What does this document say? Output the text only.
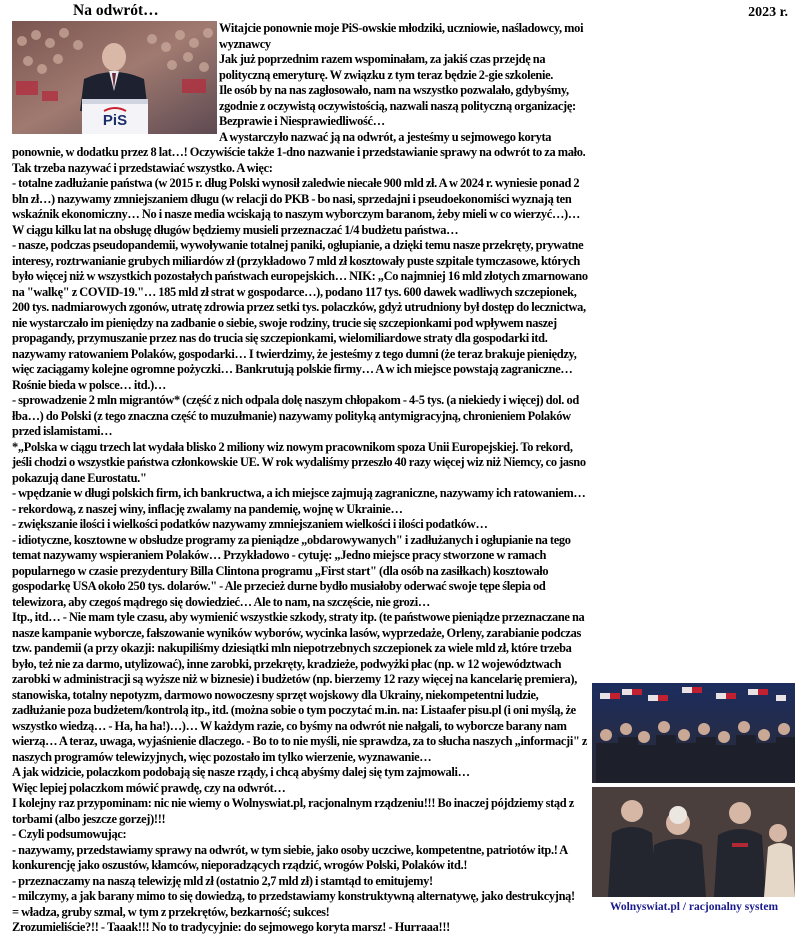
Na odwrót…	2023 r.
PiS

Witajcie ponownie moje PiS-owskie młodziki, uczniowie, naśladowcy, moi wyznawcy

Jak już poprzednim razem wspominałam, za jakiś czas przejdę na polityczną emeryturę. W związku z tym teraz będzie 2-gie szkolenie.

Ile osób by na nas zagłosowało, nam na wszystko pozwalało, gdybyśmy, zgodnie z oczywistą oczywistością, nazwali naszą polityczną organizację: Bezprawie i Niesprawiedliwość…

A wystarczyło nazwać ją na odwrót, a jesteśmy u sejmowego koryta ponownie, w dodatku przez 8 lat…! Oczywiście także 1-dno nazwanie i przedstawianie sprawy na odwrót to za mało. Tak trzeba nazywać i przedstawiać wszystko. A więc:

- totalne zadłużanie państwa (w 2015 r. dług Polski wynosił zaledwie niecałe 900 mld zł. A w 2024 r. wyniesie ponad 2 bln zł…) nazywamy zmniejszaniem długu (w relacji do PKB - bo nasi, sprzedajni i pseudoekonomiści wyznają ten wskaźnik ekonomiczny… No i nasze media wciskają to naszym wyborczym baranom, żeby mieli w co wierzyć…)…

W ciągu kilku lat na obsługę długów będziemy musieli przeznaczać 1/4 budżetu państwa…

- nasze, podczas pseudopandemii, wywoływanie totalnej paniki, ogłupianie, a dzięki temu nasze przekręty, prywatne interesy, roztrwanianie grubych miliardów zł (przykładowo 7 mld zł kosztowały puste szpitale tymczasowe, których było więcej niż w wszystkich pozostałych państwach europejskich… NIK: „Co najmniej 16 mld złotych zmarnowano na "walkę" z COVID-19."… 185 mld zł strat w gospodarce…), podano 117 tys. 600 dawek wadliwych szczepionek, 200 tys. nadmiarowych zgonów, utratę zdrowia przez setki tys. polaczków, gdyż utrudniony był dostęp do lecznictwa, nie wystarczało im pieniędzy na zadbanie o siebie, swoje rodziny, trucie się szczepionkami pod wpływem naszej propagandy, przymuszanie przez nas do trucia się szczepionkami, wielomiliardowe straty dla gospodarki itd. nazywamy ratowaniem Polaków, gospodarki… I twierdzimy, że jesteśmy z tego dumni (że teraz brakuje pieniędzy, więc zaciągamy kolejne ogromne pożyczki… Bankrutują polskie firmy… A w ich miejsce powstają zagraniczne… Rośnie bieda w polsce… itd.)…

- sprowadzenie 2 mln migrantów* (część z nich odpala dolę naszym chłopakom - 4-5 tys. (a niekiedy i więcej) dol. od łba…) do Polski (z tego znaczna część to muzułmanie) nazywamy polityką antymigracyjną, chronieniem Polaków przed islamistami…

*„Polska w ciągu trzech lat wydała blisko 2 miliony wiz nowym pracownikom spoza Unii Europejskiej. To rekord, jeśli chodzi o wszystkie państwa członkowskie UE. W rok wydaliśmy przeszło 40 razy więcej wiz niż Niemcy, co jasno pokazują dane Eurostatu."

- wpędzanie w długi polskich firm, ich bankructwa, a ich miejsce zajmują zagraniczne, nazywamy ich ratowaniem…

- rekordową, z naszej winy, inflację zwalamy na pandemię, wojnę w Ukrainie…

- zwiększanie ilości i wielkości podatków nazywamy zmniejszaniem wielkości i ilości podatków…

- idiotyczne, kosztowne w obsłudze programy za pieniądze „obdarowywanych" i zadłużanych i ogłupianie na tego temat nazywamy wspieraniem Polaków… Przykładowo - cytuję: „Jedno miejsce pracy stworzone w ramach popularnego w czasie prezydentury Billa Clintona programu „First start" (dla osób na zasiłkach) kosztowało gospodarkę USA około 250 tys. dolarów." - Ale przecież durne bydło musiałoby oderwać swoje tępe ślepia od telewizora, aby czegoś mądrego się dowiedzieć… Ale to nam, na szczęście, nie grozi…

Itp., itd… - Nie mam tyle czasu, aby wymienić wszystkie szkody, straty itp. (te państwowe pieniądze przeznaczane na nasze kampanie wyborcze, fałszowanie wyników wyborów, wycinka lasów, wyprzedaże, Orleny, zarabianie podczas tzw. pandemii (a przy okazji: nakupiliśmy dziesiątki mln niepotrzebnych szczepionek za wiele mld zł, które trzeba było, też nie za darmo, utylizować), inne zarobki, przekręty, kradzieże, podwyżki płac (np. w 12 województwach zarobki w administracji są wyższe niż w biznesie) i budżetów (np. bierzemy 12 razy więcej na kancelarię premiera), stanowiska, totalny nepotyzm, darmowo nowoczesny sprzęt wojskowy dla Ukrainy, niekompetentni ludzie, zadłużanie poza budżetem/kontrolą itp., itd. (można sobie o tym poczytać m.in. na: Listaafer pisu.pl (i oni myślą, że wszystko wiedzą… - Ha, ha ha!)…)… W każdym razie, co byśmy na odwrót nie nałgali, to wyborcze barany nam wierzą… A teraz, uwaga, wyjaśnienie dlaczego. - Bo to to nie myśli, nie sprawdza, za to słucha naszych „informacji" z naszych programów telewizyjnych, więc pozostało im tylko wierzenie, wyznawanie…

A jak widzicie, polaczkom podobają się nasze rządy, i chcą abyśmy dalej się tym zajmowali…

Więc lepiej polaczkom mówić prawdę, czy na odwrót…

I kolejny raz przypominam: nic nie wiemy o Wolnyswiat.pl, racjonalnym rządzeniu!!! Bo inaczej pójdziemy stąd z torbami (albo jeszcze gorzej)!!!

- Czyli podsumowując:

- nazywamy, przedstawiamy sprawy na odwrót, w tym siebie, jako osoby uczciwe, kompetentne, patriotów itp.! A konkurencję jako oszustów, kłamców, nieporadzących rządzić, wrogów Polski, Polaków itd.!

- przeznaczamy na naszą telewizję mld zł (ostatnio 2,7 mld zł) i stamtąd to emitujemy!

- milczymy, a jak barany mimo to się dowiedzą, to przedstawiamy konstruktywną alternatywę, jako destrukcyjną!

= władza, gruby szmal, w tym z przekrętów, bezkarność; sukces!

Zrozumieliście?!! - Taaak!!! No to tradycyjnie: do sejmowego koryta marsz! - Hurraaa!!!

Wolnyswiat.pl / racjonalny system
